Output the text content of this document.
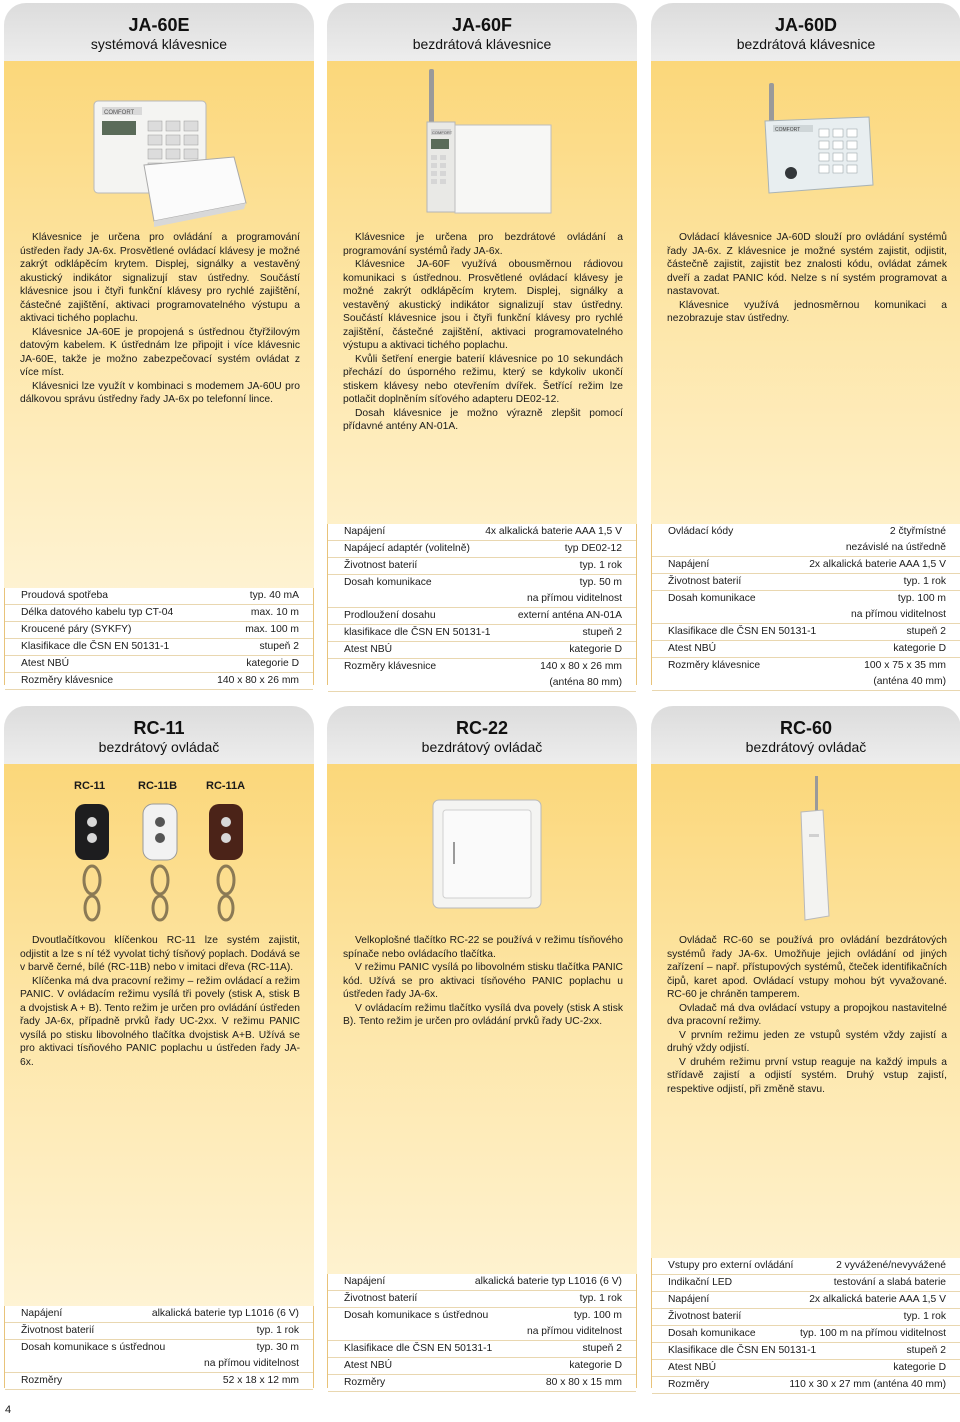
JA-60E
systémová klávesnice
COMFORT

Klávesnice je určena pro ovládání a programování ústředen řady JA-6x. Prosvětlené ovládací klávesy je možné zakrýt odklápěcím krytem. Displej, signálky a vestavěný akustický indikátor signalizují stav ústředny. Součástí klávesnice jsou i čtyři funkční klávesy pro rychlé zajištění, částečné zajištění, aktivaci programovatelného výstupu a aktivaci tichého poplachu.

Klávesnice JA-60E je propojená s ústřednou čtyřžilovým datovým kabelem. K ústřednám lze připojit i více klávesnic JA-60E, takže je možno zabezpečovací systém ovládat z více míst.

Klávesnici lze využít v kombinaci s modemem JA-60U pro dálkovou správu ústředny řady JA-6x po telefonní lince.

Proudová spotřeba	typ. 40 mA
Délka datového kabelu typ CT-04	max. 10 m
Kroucené páry (SYKFY)	max. 100 m
Klasifikace dle ČSN EN 50131-1	stupeň 2
Atest NBÚ	kategorie D
Rozměry klávesnice	140 x 80 x 26 mm
JA-60F
bezdrátová klávesnice
COMFORT

Klávesnice je určena pro bezdrátové ovládání a programování systémů řady JA-6x.

Klávesnice JA-60F využívá obousměrnou rádiovou komunikaci s ústřednou. Prosvětlené ovládací klávesy je možné zakrýt odklápěcím krytem. Displej, signálky a vestavěný akustický indikátor signalizují stav ústředny. Součástí klávesnice jsou i čtyři funkční klávesy pro rychlé zajištění, částečné zajištění, aktivaci programovatelného výstupu a aktivaci tichého poplachu.

Kvůli šetření energie baterií klávesnice po 10 sekundách přechází do úsporného režimu, který se kdykoliv ukončí stiskem klávesy nebo otevřením dvířek. Šetřící režim lze potlačit doplněním síťového adapteru DE02-12.

Dosah klávesnice je možno výrazně zlepšit pomocí přídavné antény AN-01A.

Napájení	4x alkalická baterie AAA 1,5 V
Napájecí adaptér (volitelně)	typ DE02-12
Životnost baterií	typ. 1 rok
Dosah komunikace	typ. 50 m
na přímou viditelnost
Prodloužení dosahu	externí anténa AN-01A
klasifikace dle ČSN EN 50131-1	stupeň 2
Atest NBÚ	kategorie D
Rozměry klávesnice	140 x 80 x 26 mm
(anténa 80 mm)
JA-60D
bezdrátová klávesnice
COMFORT

Ovládací klávesnice JA-60D slouží pro ovládání systémů řady JA-6x. Z klávesnice je možné systém zajistit, odjistit, částečně zajistit, zajistit bez znalosti kódu, ovládat zámek dveří a zadat PANIC kód. Nelze s ní systém programovat a nastavovat.

Klávesnice využívá jednosměrnou komunikaci a nezobrazuje stav ústředny.

Ovládací kódy	2 čtyřmístné
nezávislé na ústředně
Napájení	2x alkalická baterie AAA 1,5 V
Životnost baterií	typ. 1 rok
Dosah komunikace	typ. 100 m
na přímou viditelnost
Klasifikace dle ČSN EN 50131-1	stupeň 2
Atest NBÚ	kategorie D
Rozměry klávesnice	100 x 75 x 35 mm
(anténa 40 mm)
RC-11
bezdrátový ovládač
RC-11	RC-11B	RC-11A

Dvoutlačítkovou klíčenkou RC-11 lze systém zajistit, odjistit a lze s ní též vyvolat tichý tísňový poplach. Dodává se v barvě černé, bílé (RC-11B) nebo v imitaci dřeva (RC-11A).

Klíčenka má dva pracovní režimy – režim ovládací a režim PANIC. V ovládacím režimu vysílá tři povely (stisk A, stisk B a dvojstisk A + B). Tento režim je určen pro ovládání ústředen řady JA-6x, případně prvků řady UC-2xx. V režimu PANIC vysílá po stisku libovolného tlačítka dvojstisk A+B. Užívá se pro aktivaci tísňového PANIC poplachu u ústředen řady JA-6x.

Napájení	alkalická baterie typ L1016 (6 V)
Životnost baterií	typ. 1 rok
Dosah komunikace s ústřednou	typ. 30 m
na přímou viditelnost
Rozměry	52 x 18 x 12 mm
RC-22
bezdrátový ovládač

Velkoplošné tlačítko RC-22 se používá v režimu tísňového spínače nebo ovládacího tlačítka.

V režimu PANIC vysílá po libovolném stisku tlačítka PANIC kód. Užívá se pro aktivaci tísňového PANIC poplachu u ústředen řady JA-6x.

V ovládacím režimu tlačítko vysílá dva povely (stisk A stisk B). Tento režim je určen pro ovládání prvků řady UC-2xx.

Napájení	alkalická baterie typ L1016 (6 V)
Životnost baterií	typ. 1 rok
Dosah komunikace s ústřednou	typ. 100 m
na přímou viditelnost
Klasifikace dle ČSN EN 50131-1	stupeň 2
Atest NBÚ	kategorie D
Rozměry	80 x 80 x 15 mm
RC-60
bezdrátový ovládač

Ovládač RC-60 se používá pro ovládání bezdrátových systémů řady JA-6x. Umožňuje jejich ovládání od jiných zařízení – např. přístupových systémů, čteček identifikačních čipů, karet apod. Ovládací vstupy mohou být vyvažované. RC-60 je chráněn tamperem.

Ovladač má dva ovládací vstupy a propojkou nastavitelné dva pracovní režimy.

V prvním režimu jeden ze vstupů systém vždy zajistí a druhý vždy odjistí.

V druhém režimu první vstup reaguje na každý impuls a střídavě zajistí a odjistí systém. Druhý vstup zajistí, respektive odjistí, při změně stavu.

Vstupy pro externí ovládání	2 vyvážené/nevyvážené
Indikační LED	testování a slabá baterie
Napájení	2x alkalická baterie AAA 1,5 V
Životnost baterií	typ. 1 rok
Dosah komunikace	typ. 100 m na přímou viditelnost
Klasifikace dle ČSN EN 50131-1	stupeň 2
Atest NBÚ	kategorie D
Rozměry	110 x 30 x 27 mm (anténa 40 mm)
4
